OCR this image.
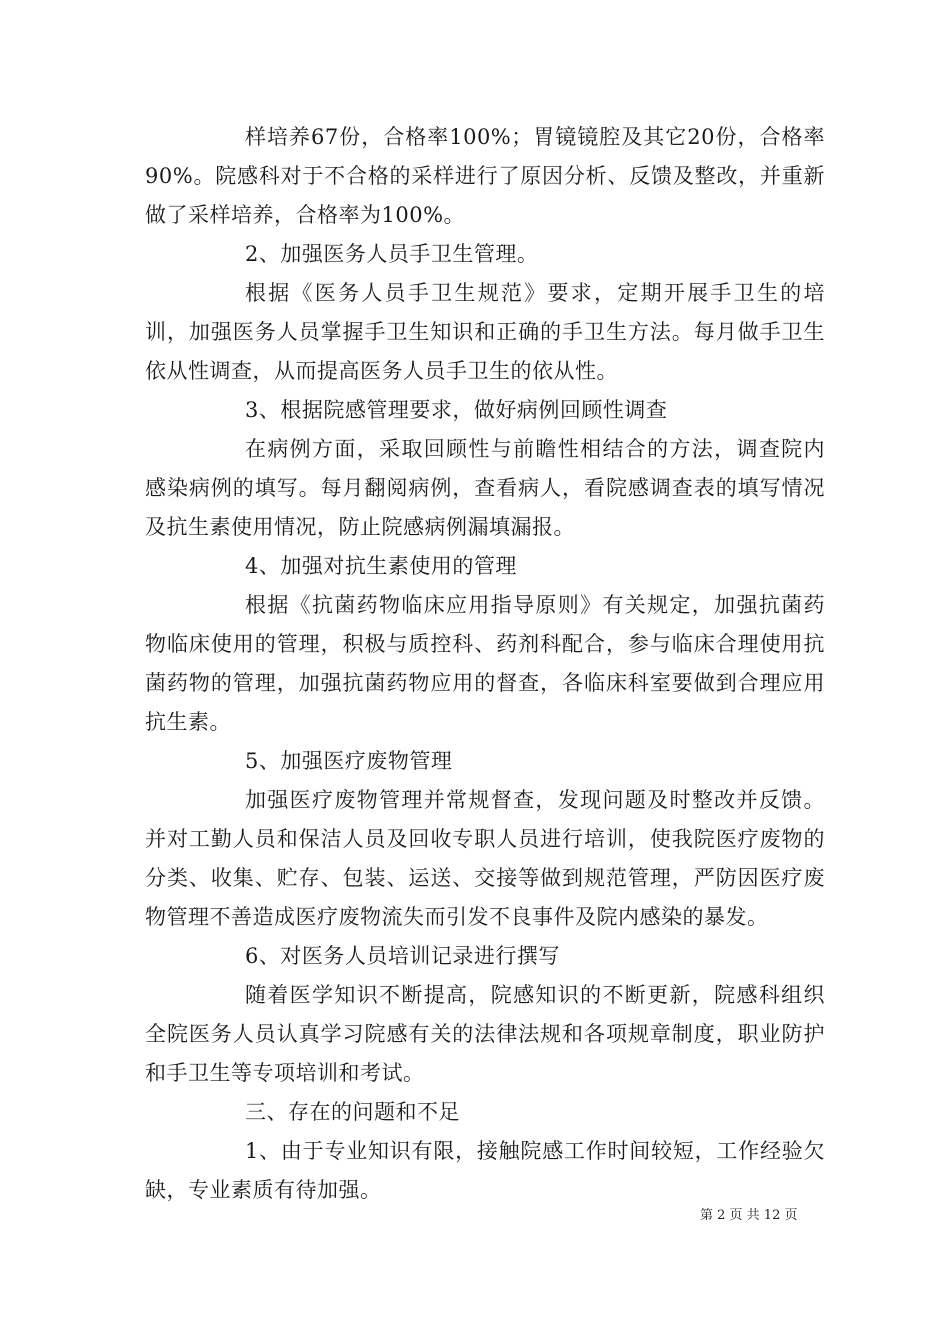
样培养67份，合格率100%；胃镜镜腔及其它20份，合格率90%。院感科对于不合格的采样进行了原因分析、反馈及整改，并重新做了采样培养，合格率为100%。

2、加强医务人员手卫生管理。

根据《医务人员手卫生规范》要求，定期开展手卫生的培训，加强医务人员掌握手卫生知识和正确的手卫生方法。每月做手卫生依从性调查，从而提高医务人员手卫生的依从性。

3、根据院感管理要求，做好病例回顾性调查

在病例方面，采取回顾性与前瞻性相结合的方法，调查院内感染病例的填写。每月翻阅病例，查看病人，看院感调查表的填写情况及抗生素使用情况，防止院感病例漏填漏报。

4、加强对抗生素使用的管理

根据《抗菌药物临床应用指导原则》有关规定，加强抗菌药物临床使用的管理，积极与质控科、药剂科配合，参与临床合理使用抗菌药物的管理，加强抗菌药物应用的督查，各临床科室要做到合理应用抗生素。

5、加强医疗废物管理

加强医疗废物管理并常规督查，发现问题及时整改并反馈。并对工勤人员和保洁人员及回收专职人员进行培训，使我院医疗废物的分类、收集、贮存、包装、运送、交接等做到规范管理，严防因医疗废物管理不善造成医疗废物流失而引发不良事件及院内感染的暴发。

6、对医务人员培训记录进行撰写

随着医学知识不断提高，院感知识的不断更新，院感科组织全院医务人员认真学习院感有关的法律法规和各项规章制度，职业防护和手卫生等专项培训和考试。

三、存在的问题和不足

1、由于专业知识有限，接触院感工作时间较短，工作经验欠缺，专业素质有待加强。

第 2 页 共 12 页
